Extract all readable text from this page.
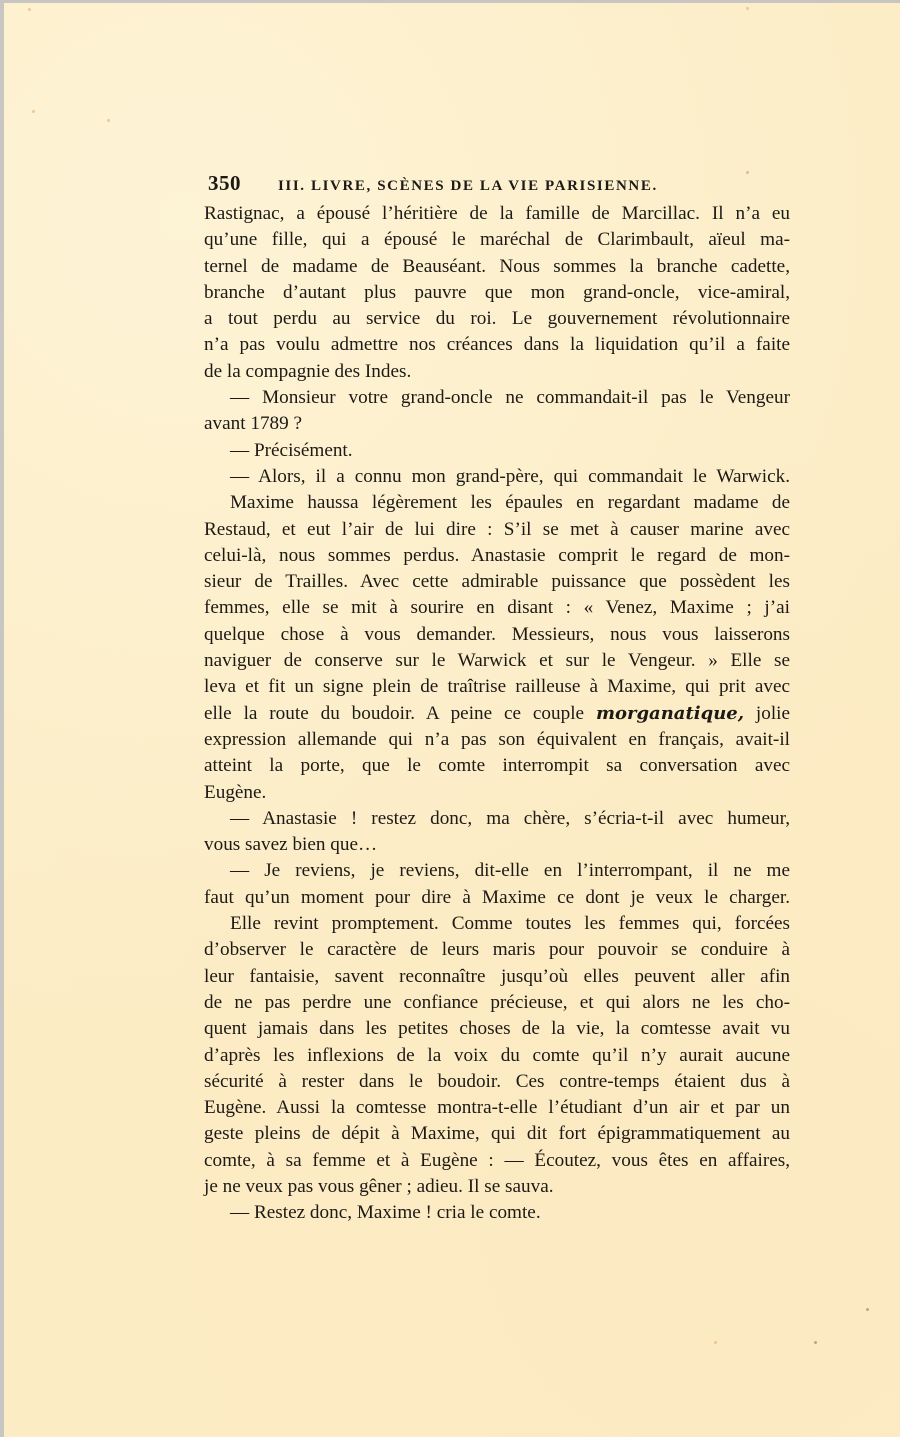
350	III. LIVRE, SCÈNES DE LA VIE PARISIENNE.
Rastignac, a épousé l’héritière de la famille de Marcillac. Il n’a eu
qu’une fille, qui a épousé le maréchal de Clarimbault, aïeul ma-
ternel de madame de Beauséant. Nous sommes la branche cadette,
branche d’autant plus pauvre que mon grand-oncle, vice-amiral,
a tout perdu au service du roi. Le gouvernement révolutionnaire
n’a pas voulu admettre nos créances dans la liquidation qu’il a faite
de la compagnie des Indes.
— Monsieur votre grand-oncle ne commandait-il pas le Vengeur
avant 1789 ?
— Précisément.
— Alors, il a connu mon grand-père, qui commandait le Warwick.
Maxime haussa légèrement les épaules en regardant madame de
Restaud, et eut l’air de lui dire : S’il se met à causer marine avec
celui-là, nous sommes perdus. Anastasie comprit le regard de mon-
sieur de Trailles. Avec cette admirable puissance que possèdent les
femmes, elle se mit à sourire en disant : « Venez, Maxime ; j’ai
quelque chose à vous demander. Messieurs, nous vous laisserons
naviguer de conserve sur le Warwick et sur le Vengeur. » Elle se
leva et fit un signe plein de traîtrise railleuse à Maxime, qui prit avec
elle la route du boudoir. A peine ce couple morganatique, jolie
expression allemande qui n’a pas son équivalent en français, avait-il
atteint la porte, que le comte interrompit sa conversation avec
Eugène.
— Anastasie ! restez donc, ma chère, s’écria-t-il avec humeur,
vous savez bien que…
— Je reviens, je reviens, dit-elle en l’interrompant, il ne me
faut qu’un moment pour dire à Maxime ce dont je veux le charger.
Elle revint promptement. Comme toutes les femmes qui, forcées
d’observer le caractère de leurs maris pour pouvoir se conduire à
leur fantaisie, savent reconnaître jusqu’où elles peuvent aller afin
de ne pas perdre une confiance précieuse, et qui alors ne les cho-
quent jamais dans les petites choses de la vie, la comtesse avait vu
d’après les inflexions de la voix du comte qu’il n’y aurait aucune
sécurité à rester dans le boudoir. Ces contre-temps étaient dus à
Eugène. Aussi la comtesse montra-t-elle l’étudiant d’un air et par un
geste pleins de dépit à Maxime, qui dit fort épigrammatiquement au
comte, à sa femme et à Eugène : — Écoutez, vous êtes en affaires,
je ne veux pas vous gêner ; adieu. Il se sauva.
— Restez donc, Maxime ! cria le comte.
